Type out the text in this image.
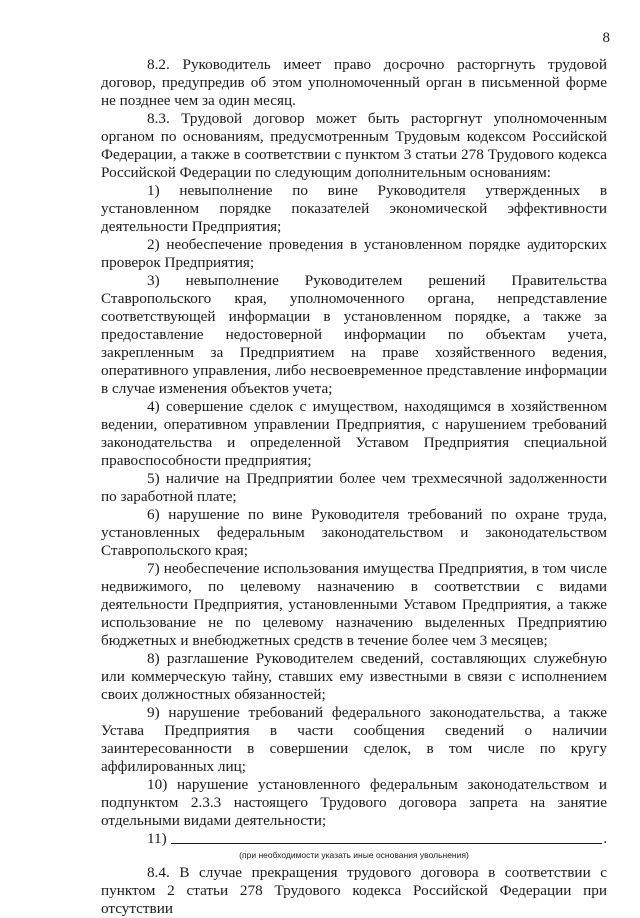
8

8.2. Руководитель имеет право досрочно расторгнуть трудовой договор, предупредив об этом уполномоченный орган в письменной форме не позднее чем за один месяц.

8.3. Трудовой договор может быть расторгнут уполномоченным органом по основаниям, предусмотренным Трудовым кодексом Российской Федерации, а также в соответствии с пунктом 3 статьи 278 Трудового кодекса Российской Федерации по следующим дополнительным основаниям:

1) невыполнение по вине Руководителя утвержденных в установленном порядке показателей экономической эффективности деятельности Предприятия;

2) необеспечение проведения в установленном порядке аудиторских проверок Предприятия;

3) невыполнение Руководителем решений Правительства Ставропольского края, уполномоченного органа, непредставление соответствующей информации в установленном порядке, а также за предоставление недостоверной информации по объектам учета, закрепленным за Предприятием на праве хозяйственного ведения, оперативного управления, либо несвоевременное представление информации в случае изменения объектов учета;

4) совершение сделок с имуществом, находящимся в хозяйственном ведении, оперативном управлении Предприятия, с нарушением требований законодательства и определенной Уставом Предприятия специальной правоспособности предприятия;

5) наличие на Предприятии более чем трехмесячной задолженности по заработной плате;

6) нарушение по вине Руководителя требований по охране труда, установленных федеральным законодательством и законодательством Ставропольского края;

7) необеспечение использования имущества Предприятия, в том числе недвижимого, по целевому назначению в соответствии с видами деятельности Предприятия, установленными Уставом Предприятия, а также использование не по целевому назначению выделенных Предприятию бюджетных и внебюджетных средств в течение более чем 3 месяцев;

8) разглашение Руководителем сведений, составляющих служебную или коммерческую тайну, ставших ему известными в связи с исполнением своих должностных обязанностей;

9) нарушение требований федерального законодательства, а также Устава Предприятия в части сообщения сведений о наличии заинтересованности в совершении сделок, в том числе по кругу аффилированных лиц;

10) нарушение установленного федеральным законодательством и подпунктом 2.3.3 настоящего Трудового договора запрета на занятие отдельными видами деятельности;

11)	.
(при необходимости указать иные основания увольнения)

8.4. В случае прекращения трудового договора в соответствии с пунктом 2 статьи 278 Трудового кодекса Российской Федерации при отсутствии
